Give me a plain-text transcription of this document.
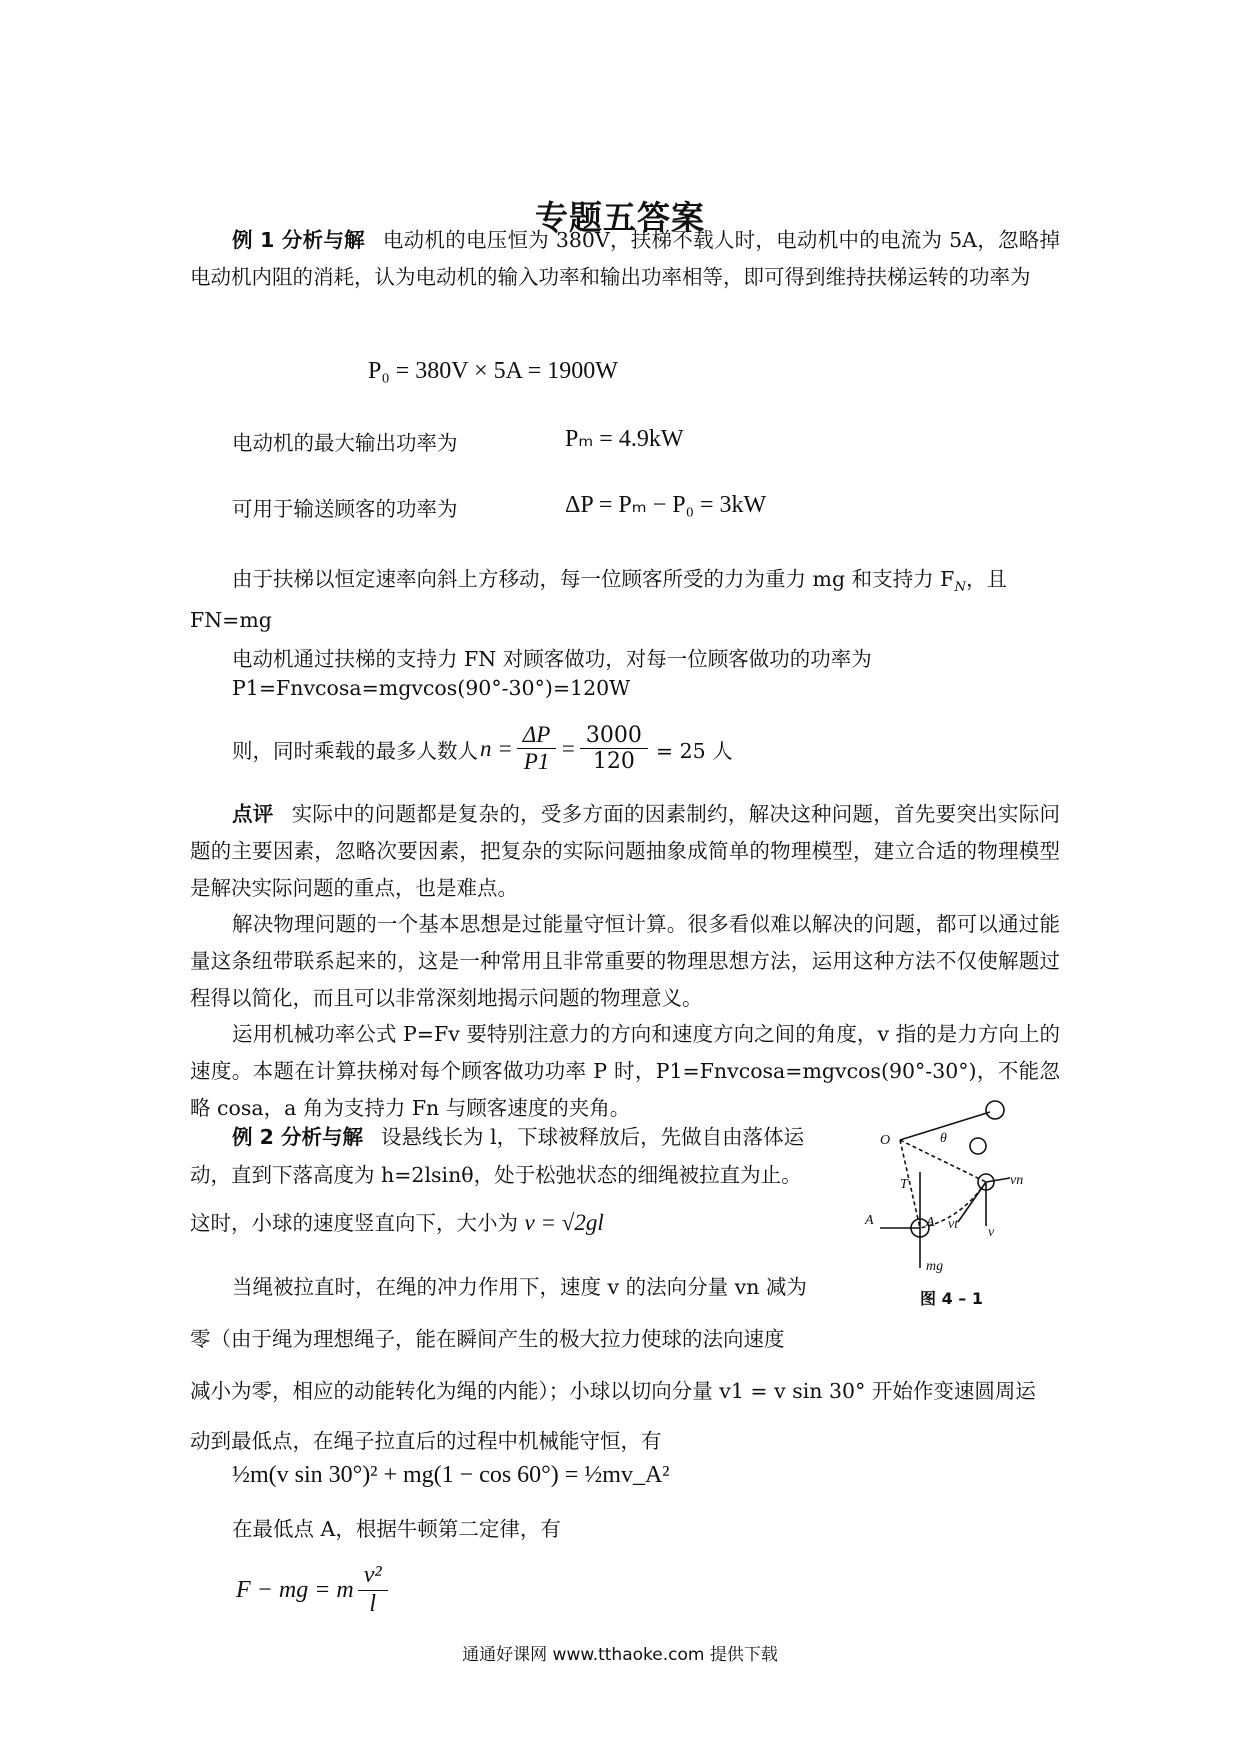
专题五答案
例 1 分析与解 电动机的电压恒为 380V，扶梯不载人时，电动机中的电流为 5A，忽略掉电动机内阻的消耗，认为电动机的输入功率和输出功率相等，即可得到维持扶梯运转的功率为
P₀ = 380V × 5A = 1900W
电动机的最大输出功率为	Pₘ = 4.9kW
可用于输送顾客的功率为	ΔP = Pₘ − P₀ = 3kW
由于扶梯以恒定速率向斜上方移动，每一位顾客所受的力为重力 mg 和支持力 $F_N$，且
FN=mg
电动机通过扶梯的支持力 FN 对顾客做功，对每一位顾客做功的功率为
P1=Fnvcosa=mgvcos(90°-30°)=120W
则，同时乘载的最多人数人 $n = \frac{\Delta P}{P1} = \frac{3000}{120} = 25$ 人
点评 实际中的问题都是复杂的，受多方面的因素制约，解决这种问题，首先要突出实际问题的主要因素，忽略次要因素，把复杂的实际问题抽象成简单的物理模型，建立合适的物理模型是解决实际问题的重点，也是难点。
解决物理问题的一个基本思想是过能量守恒计算。很多看似难以解决的问题，都可以通过能量这条纽带联系起来的，这是一种常用且非常重要的物理思想方法，运用这种方法不仅使解题过程得以简化，而且可以非常深刻地揭示问题的物理意义。
运用机械功率公式 P=Fv 要特别注意力的方向和速度方向之间的角度，v 指的是力方向上的速度。本题在计算扶梯对每个顾客做功功率 P 时，P1=Fnvcosa=mgvcos(90°-30°)，不能忽略 cosa，a 角为支持力 Fn 与顾客速度的夹角。
例 2 分析与解 设悬线长为 l，下球被释放后，先做自由落体运
动，直到下落高度为 h=2lsinθ，处于松弛状态的细绳被拉直为止。
这时，小球的速度竖直向下，大小为 v = √2gl
当绳被拉直时，在绳的冲力作用下，速度 v 的法向分量 vn 减为
零（由于绳为理想绳子，能在瞬间产生的极大拉力使球的法向速度
减小为零，相应的动能转化为绳的内能）；小球以切向分量 v1 = v sin 30° 开始作变速圆周运
动到最低点，在绳子拉直后的过程中机械能守恒，有
½m(v sin 30°)² + mg(1 − cos 60°) = ½mv_A²
在最低点 A，根据牛顿第二定律，有
F − mg = m $\frac{\text{v²}}{l}$
O	θ
T
A	A
vn
vt
v
mg
图 4 – 1
通通好课网 www.tthaoke.com 提供下载
